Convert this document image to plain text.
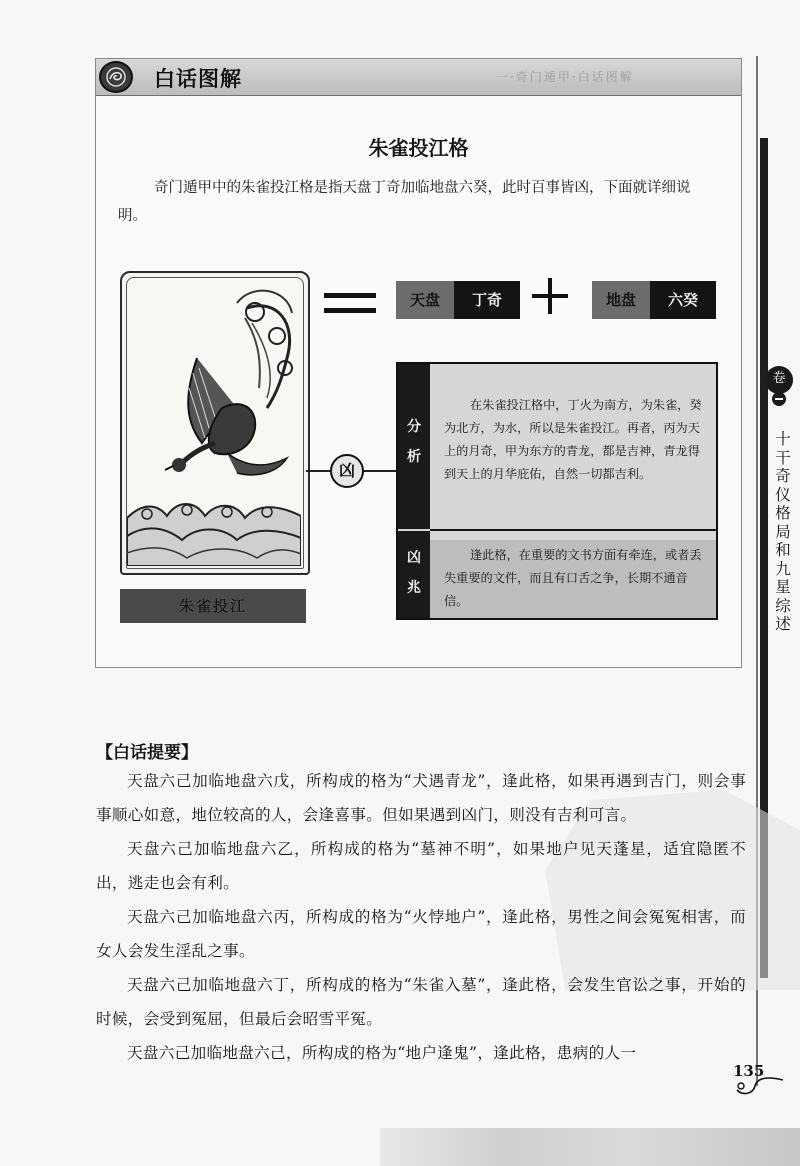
白话图解	一·奇门遁甲·白话图解
朱雀投江格
奇门遁甲中的朱雀投江格是指天盘丁奇加临地盘六癸，此时百事皆凶，下面就详细说明。
朱雀投江
天盘	丁奇	地盘	六癸
凶
分
析
在朱雀投江格中，丁火为南方，为朱雀，癸为北方，为水，所以是朱雀投江。再者，丙为天上的月奇，甲为东方的青龙，都是吉神，青龙得到天上的月华庇佑，自然一切都吉利。
凶
兆
逢此格，在重要的文书方面有牵连，或者丢失重要的文件，而且有口舌之争，长期不通音信。
卷
十干奇仪格局和九星综述
【白话提要】

天盘六己加临地盘六戊，所构成的格为“犬遇青龙”，逢此格，如果再遇到吉门，则会事事顺心如意，地位较高的人，会逢喜事。但如果遇到凶门，则没有吉利可言。

天盘六己加临地盘六乙，所构成的格为“墓神不明”，如果地户见天蓬星，适宜隐匿不出，逃走也会有利。

天盘六己加临地盘六丙，所构成的格为“火悖地户”，逢此格，男性之间会冤冤相害，而女人会发生淫乱之事。

天盘六己加临地盘六丁，所构成的格为“朱雀入墓”，逢此格，会发生官讼之事，开始的时候，会受到冤屈，但最后会昭雪平冤。

天盘六己加临地盘六己，所构成的格为“地户逢鬼”，逢此格，患病的人一

135
